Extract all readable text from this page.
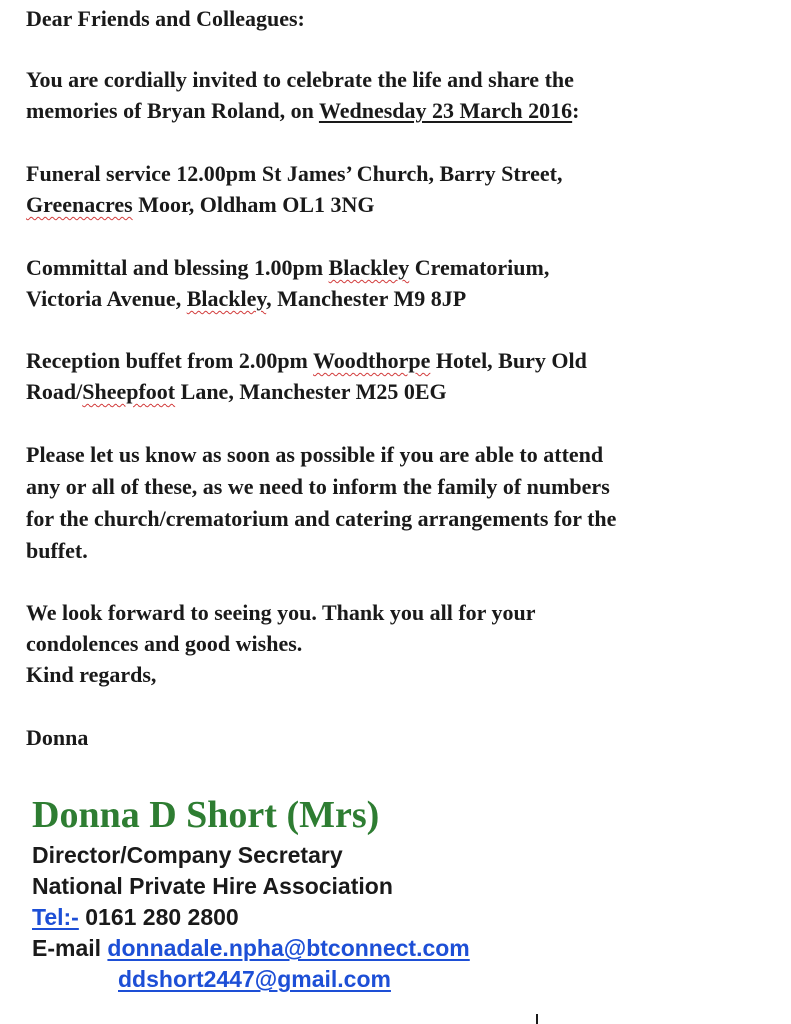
Dear Friends and Colleagues:

You are cordially invited to celebrate the life and share the

memories of Bryan Roland, on Wednesday 23 March 2016:

Funeral service 12.00pm St James’ Church, Barry Street,

Greenacres Moor, Oldham OL1 3NG

Committal and blessing 1.00pm Blackley Crematorium,

Victoria Avenue, Blackley, Manchester M9 8JP

Reception buffet from 2.00pm Woodthorpe Hotel, Bury Old

Road/Sheepfoot Lane, Manchester M25 0EG

Please let us know as soon as possible if you are able to attend

any or all of these, as we need to inform the family of numbers

for the church/crematorium and catering arrangements for the

buffet.

We look forward to seeing you. Thank you all for your

condolences and good wishes.

Kind regards,

Donna

Donna D Short (Mrs)
Director/Company Secretary
National Private Hire Association
Tel:- 0161 280 2800
E-mail donnadale.npha@btconnect.com
ddshort2447@gmail.com
